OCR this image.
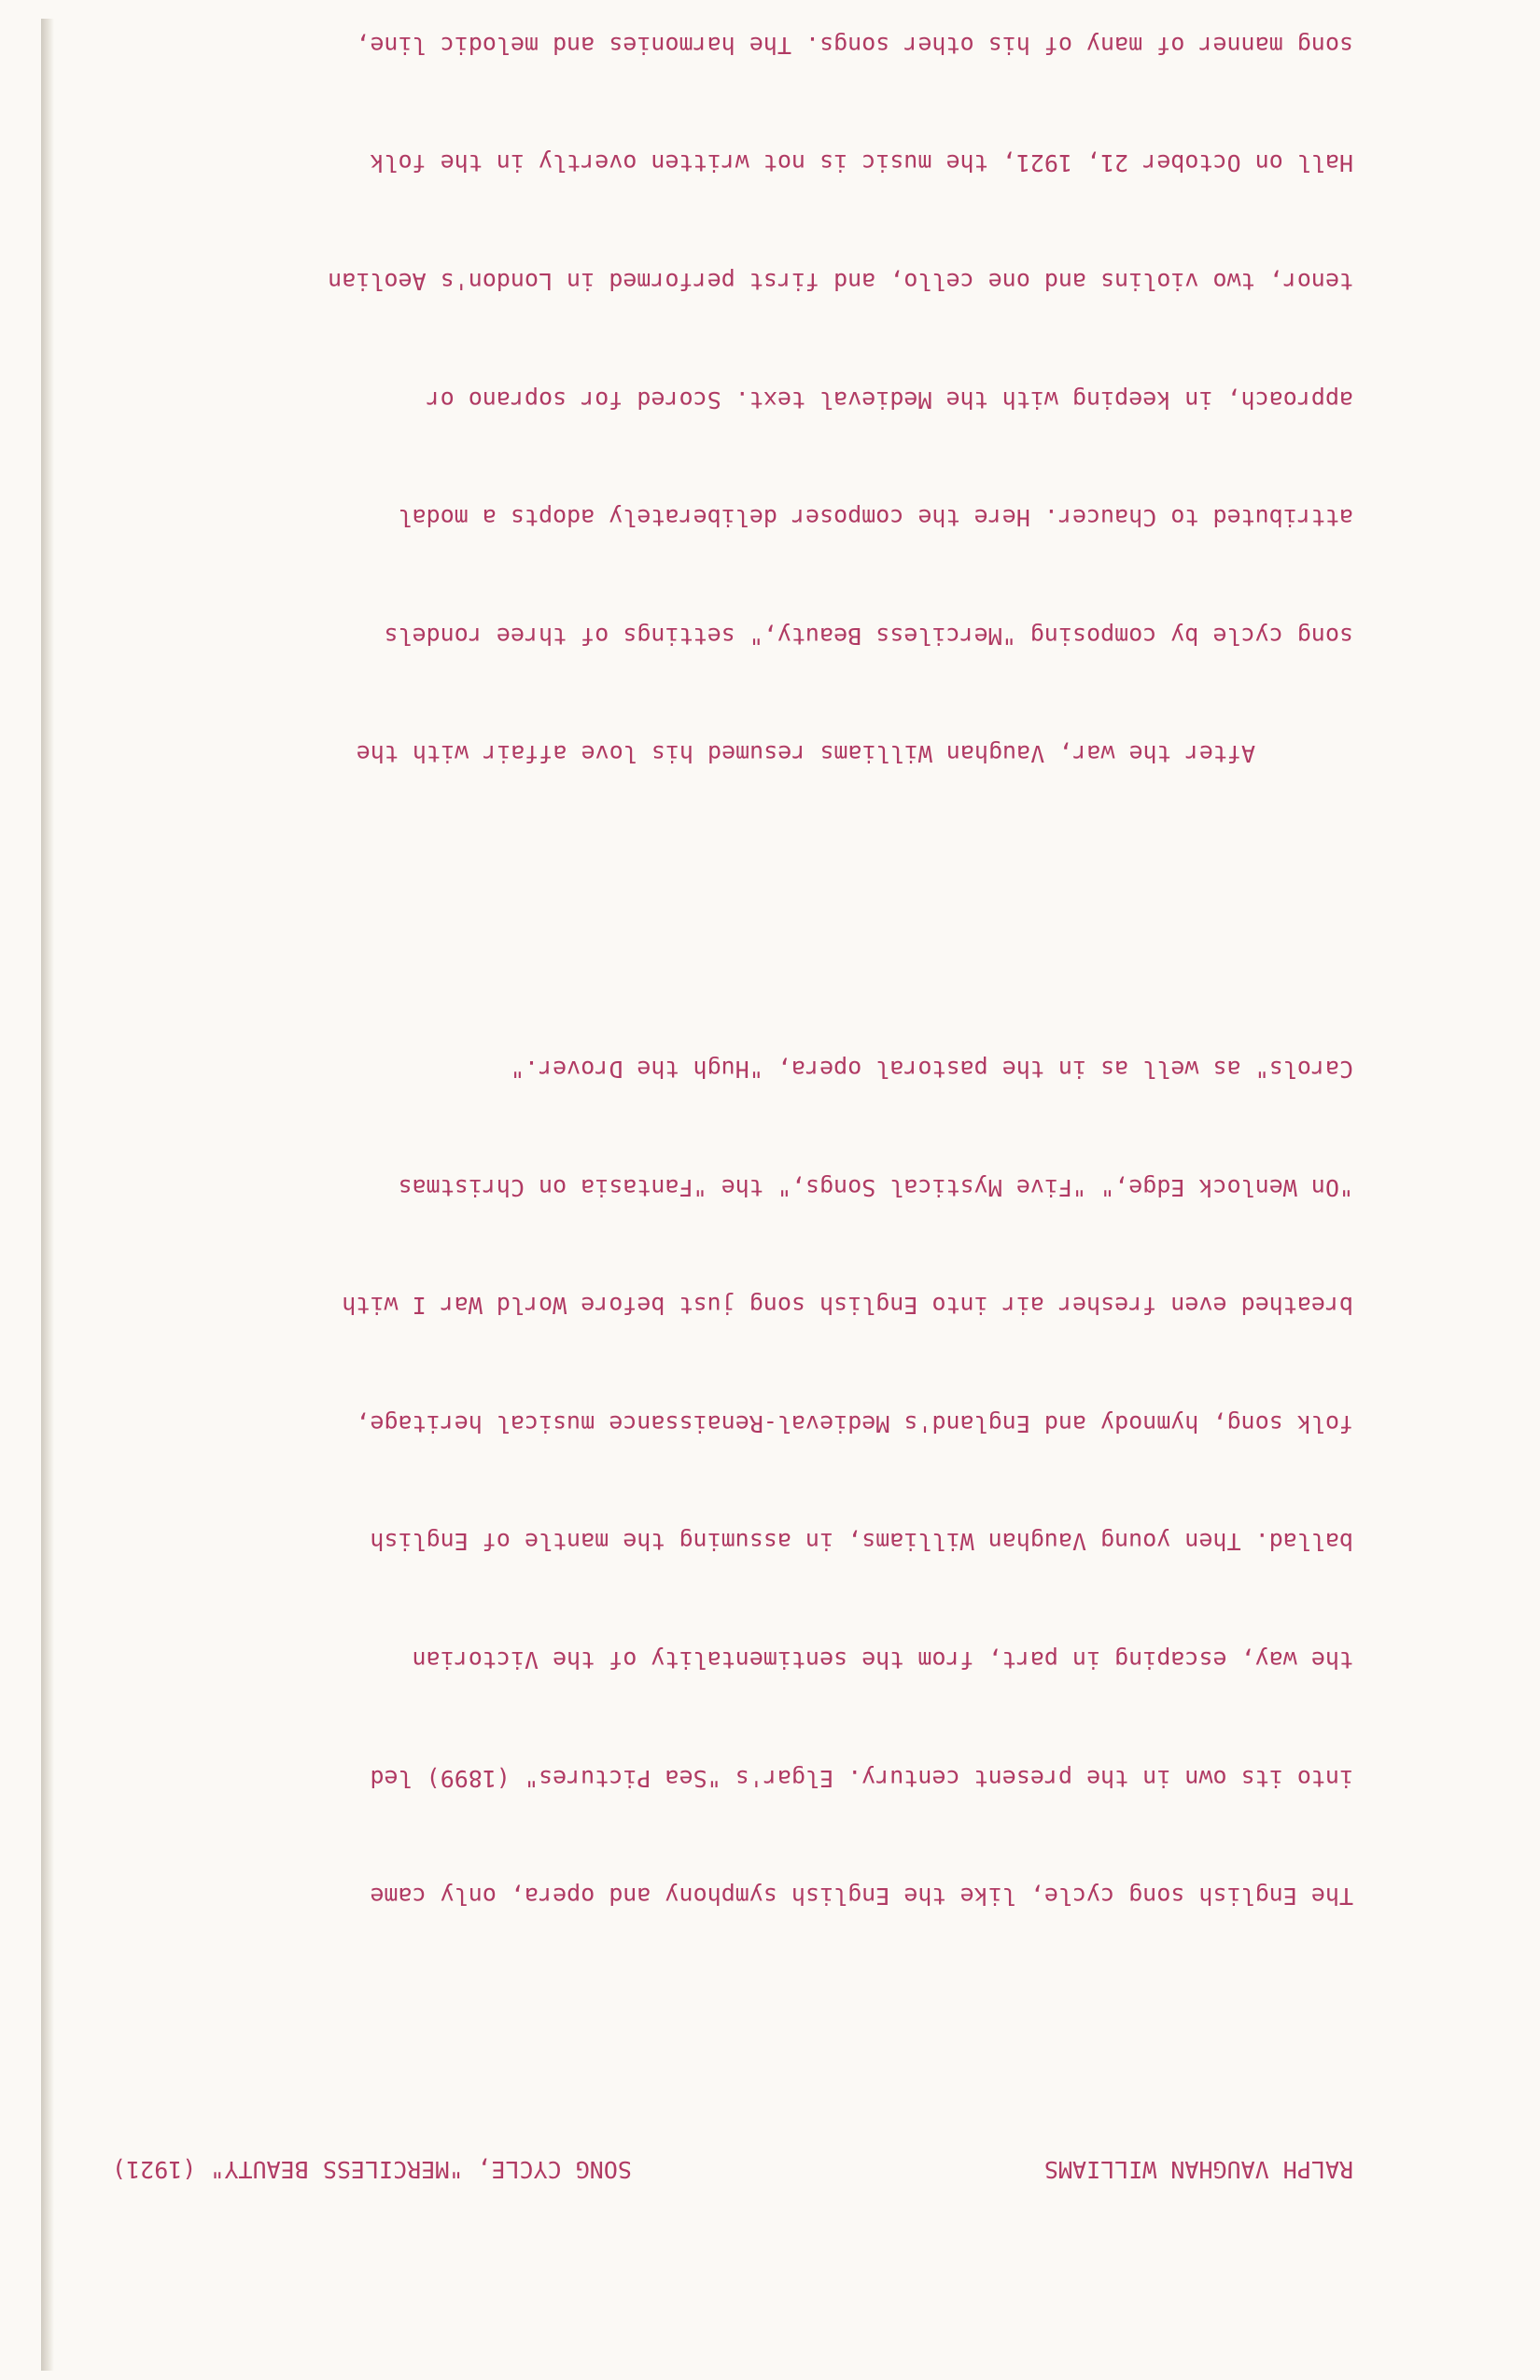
RALPH VAUGHAN WILLIAMS
SONG CYCLE, "MERCILESS BEAUTY" (1921)

The English song cycle, like the English symphony and opera, only came

into its own in the present century. Elgar's "Sea Pictures" (1899) led

the way, escaping in part, from the sentimentality of the Victorian

ballad. Then young Vaughan Williams, in assuming the mantle of English

folk song, hymnody and England's Medieval-Renaissance musical heritage,

breathed even fresher air into English song just before World War I with

"On Wenlock Edge," "Five Mystical Songs," the "Fantasia on Christmas

Carols" as well as in the pastoral opera, "Hugh the Drover."

After the war, Vaughan Williams resumed his love affair with the

song cycle by composing "Merciless Beauty," settings of three rondels

attributed to Chaucer. Here the composer deliberately adopts a modal

approach, in keeping with the Medieval text. Scored for soprano or

tenor, two violins and one cello, and first performed in London's Aeolian

Hall on October 21, 1921, the music is not written overtly in the folk

song manner of many of his other songs. The harmonies and melodic line,
